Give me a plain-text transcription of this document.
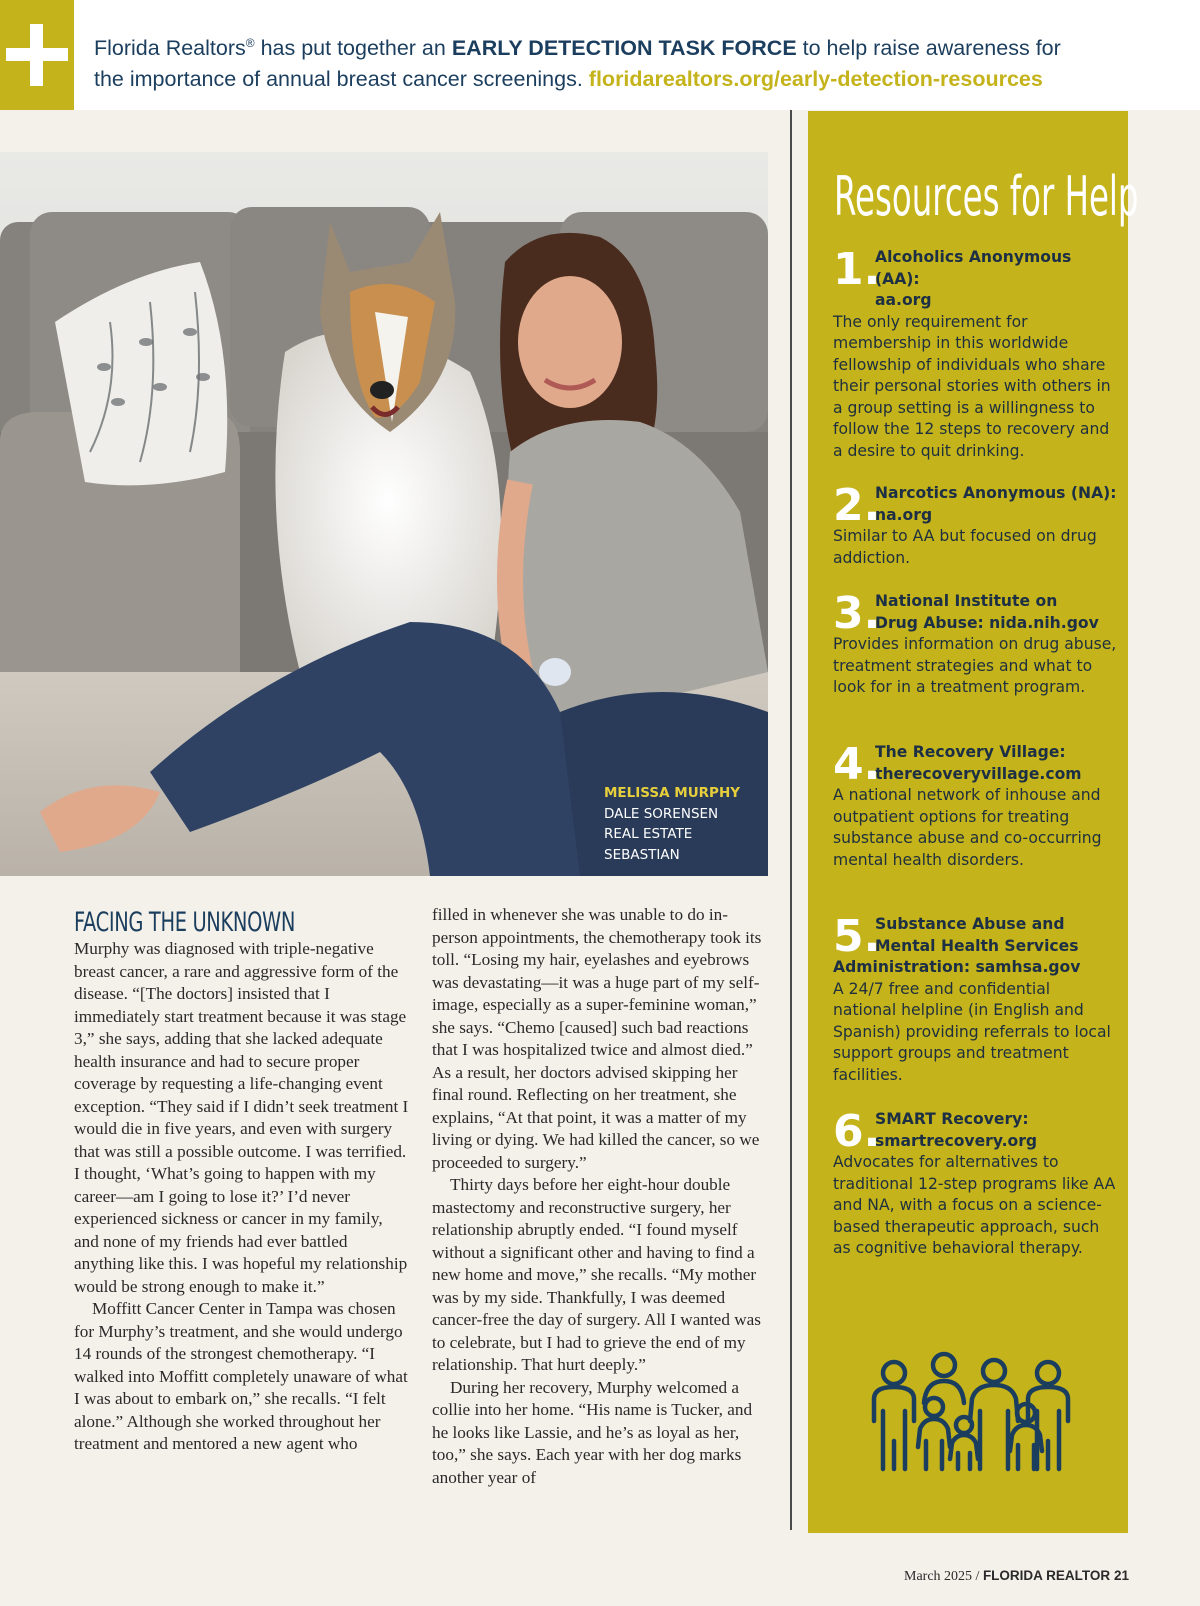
Florida Realtors® has put together an EARLY DETECTION TASK FORCE to help raise awareness for
the importance of annual breast cancer screenings. floridarealtors.org/early-detection-resources
MELISSA MURPHY
DALE SORENSEN
REAL ESTATE
SEBASTIAN
FACING THE UNKNOWN

Murphy was diagnosed with triple-negative breast cancer, a rare and aggressive form of the disease. “[The doctors] insisted that I immediately start treatment because it was stage 3,” she says, adding that she lacked adequate health insurance and had to secure proper coverage by requesting a life-changing event exception. “They said if I didn’t seek treatment I would die in five years, and even with surgery that was still a possible outcome. I was terrified. I thought, ‘What’s going to happen with my career—am I going to lose it?’ I’d never experienced sickness or cancer in my family, and none of my friends had ever battled anything like this. I was hopeful my relationship would be strong enough to make it.”

Moffitt Cancer Center in Tampa was chosen for Murphy’s treatment, and she would undergo 14 rounds of the strongest chemotherapy. “I walked into Moffitt completely unaware of what I was about to embark on,” she recalls. “I felt alone.” Although she worked throughout her treatment and mentored a new agent who

filled in whenever she was unable to do in-person appointments, the chemotherapy took its toll. “Losing my hair, eyelashes and eyebrows was devastating—it was a huge part of my self-image, especially as a super-feminine woman,” she says. “Chemo [caused] such bad reactions that I was hospitalized twice and almost died.” As a result, her doctors advised skipping her final round. Reflecting on her treatment, she explains, “At that point, it was a matter of my living or dying. We had killed the cancer, so we proceeded to surgery.”

Thirty days before her eight-hour double mastectomy and reconstructive surgery, her relationship abruptly ended. “I found myself without a significant other and having to find a new home and move,” she recalls. “My mother was by my side. Thankfully, I was deemed cancer-free the day of surgery. All I wanted was to celebrate, but I had to grieve the end of my relationship. That hurt deeply.”

During her recovery, Murphy welcomed a collie into her home. “His name is Tucker, and he looks like Lassie, and he’s as loyal as her, too,” she says. Each year with her dog marks another year of

Resources for Help
1.
Alcoholics Anonymous (AA):
aa.org
The only requirement for membership in this worldwide fellowship of individuals who share their personal stories with others in a group setting is a willingness to follow the 12 steps to recovery and a desire to quit drinking.
2.
Narcotics Anonymous (NA):
na.org
Similar to AA but focused on drug addiction.
3.
National Institute on
Drug Abuse: nida.nih.gov
Provides information on drug abuse, treatment strategies and what to look for in a treatment program.
4.
The Recovery Village:
therecoveryvillage.com
A national network of inhouse and outpatient options for treating substance abuse and co-occurring mental health disorders.
5.
Substance Abuse and
Mental Health Services
Administration: samhsa.gov
A 24/7 free and confidential national helpline (in English and Spanish) providing referrals to local support groups and treatment facilities.
6.
SMART Recovery:
smartrecovery.org
Advocates for alternatives to traditional 12-step programs like AA and NA, with a focus on a science-based therapeutic approach, such as cognitive behavioral therapy.
March 2025 / FLORIDA REALTOR 21
